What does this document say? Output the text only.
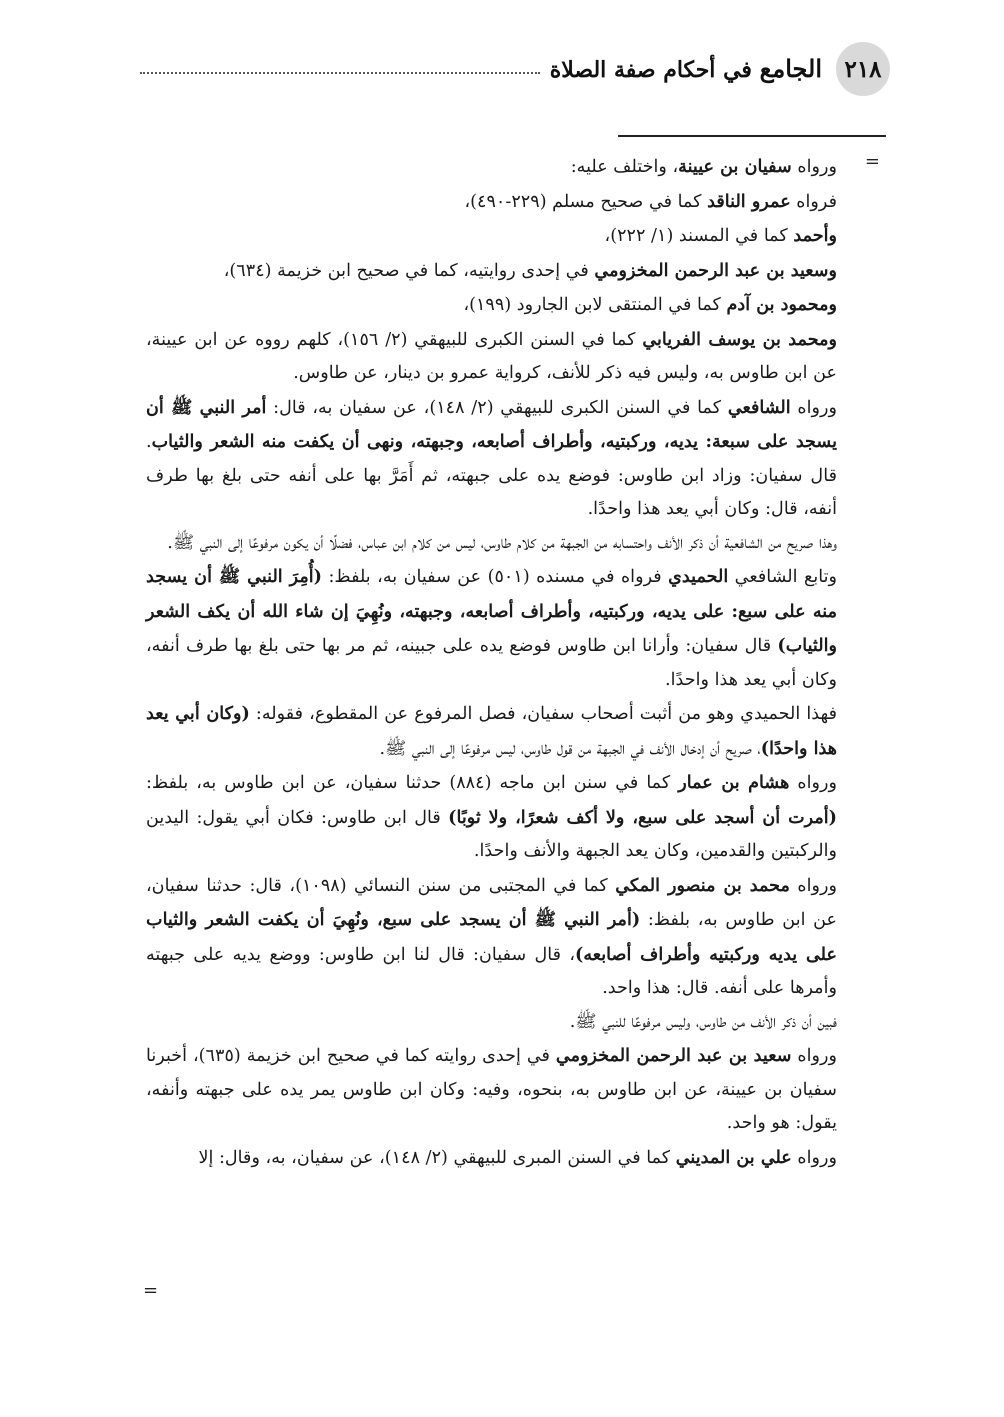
٢١٨
الجامع في أحكام صفة الصلاة
=

ورواه سفيان بن عيينة، واختلف عليه:

فرواه عمرو الناقد كما في صحيح مسلم (٢٢٩-٤٩٠)،

وأحمد كما في المسند (١/ ٢٢٢)،

وسعيد بن عبد الرحمن المخزومي في إحدى روايتيه، كما في صحيح ابن خزيمة (٦٣٤)،

ومحمود بن آدم كما في المنتقى لابن الجارود (١٩٩)،

ومحمد بن يوسف الفريابي كما في السنن الكبرى للبيهقي (٢/ ١٥٦)، كلهم رووه عن ابن عيينة، عن ابن طاوس به، وليس فيه ذكر للأنف، كرواية عمرو بن دينار، عن طاوس.

ورواه الشافعي كما في السنن الكبرى للبيهقي (٢/ ١٤٨)، عن سفيان به، قال: أمر النبي ﷺ أن يسجد على سبعة: يديه، وركبتيه، وأطراف أصابعه، وجبهته، ونهى أن يكفت منه الشعر والثياب. قال سفيان: وزاد ابن طاوس: فوضع يده على جبهته، ثم أَمَرَّ بها على أنفه حتى بلغ بها طرف أنفه، قال: وكان أبي يعد هذا واحدًا.

وهذا صريح من الشافعية أن ذكر الأنف واحتسابه من الجبهة من كلام طاوس، ليس من كلام ابن عباس، فضلًا أن يكون مرفوعًا إلى النبي ﷺ.

وتابع الشافعي الحميدي فرواه في مسنده (٥٠١) عن سفيان به، بلفظ: (أُمِرَ النبي ﷺ أن يسجد منه على سبع: على يديه، وركبتيه، وأطراف أصابعه، وجبهته، ونُهِيَ إن شاء الله أن يكف الشعر والثياب) قال سفيان: وأرانا ابن طاوس فوضع يده على جبينه، ثم مر بها حتى بلغ بها طرف أنفه، وكان أبي يعد هذا واحدًا.

فهذا الحميدي وهو من أثبت أصحاب سفيان، فصل المرفوع عن المقطوع، فقوله: (وكان أبي يعد هذا واحدًا)، صريح أن إدخال الأنف في الجبهة من قول طاوس، ليس مرفوعًا إلى النبي ﷺ.

ورواه هشام بن عمار كما في سنن ابن ماجه (٨٨٤) حدثنا سفيان، عن ابن طاوس به، بلفظ: (أمرت أن أسجد على سبع، ولا أكف شعرًا، ولا ثوبًا) قال ابن طاوس: فكان أبي يقول: اليدين والركبتين والقدمين، وكان يعد الجبهة والأنف واحدًا.

ورواه محمد بن منصور المكي كما في المجتبى من سنن النسائي (١٠٩٨)، قال: حدثنا سفيان، عن ابن طاوس به، بلفظ: (أمر النبي ﷺ أن يسجد على سبع، ونُهِيَ أن يكفت الشعر والثياب على يديه وركبتيه وأطراف أصابعه)، قال سفيان: قال لنا ابن طاوس: ووضع يديه على جبهته وأمرها على أنفه. قال: هذا واحد.

فبين أن ذكر الأنف من طاوس، وليس مرفوعًا للنبي ﷺ.

ورواه سعيد بن عبد الرحمن المخزومي في إحدى روايته كما في صحيح ابن خزيمة (٦٣٥)، أخبرنا سفيان بن عيينة، عن ابن طاوس به، بنحوه، وفيه: وكان ابن طاوس يمر يده على جبهته وأنفه، يقول: هو واحد.

ورواه علي بن المديني كما في السنن المبرى للبيهقي (٢/ ١٤٨)، عن سفيان، به، وقال: إلا

=
